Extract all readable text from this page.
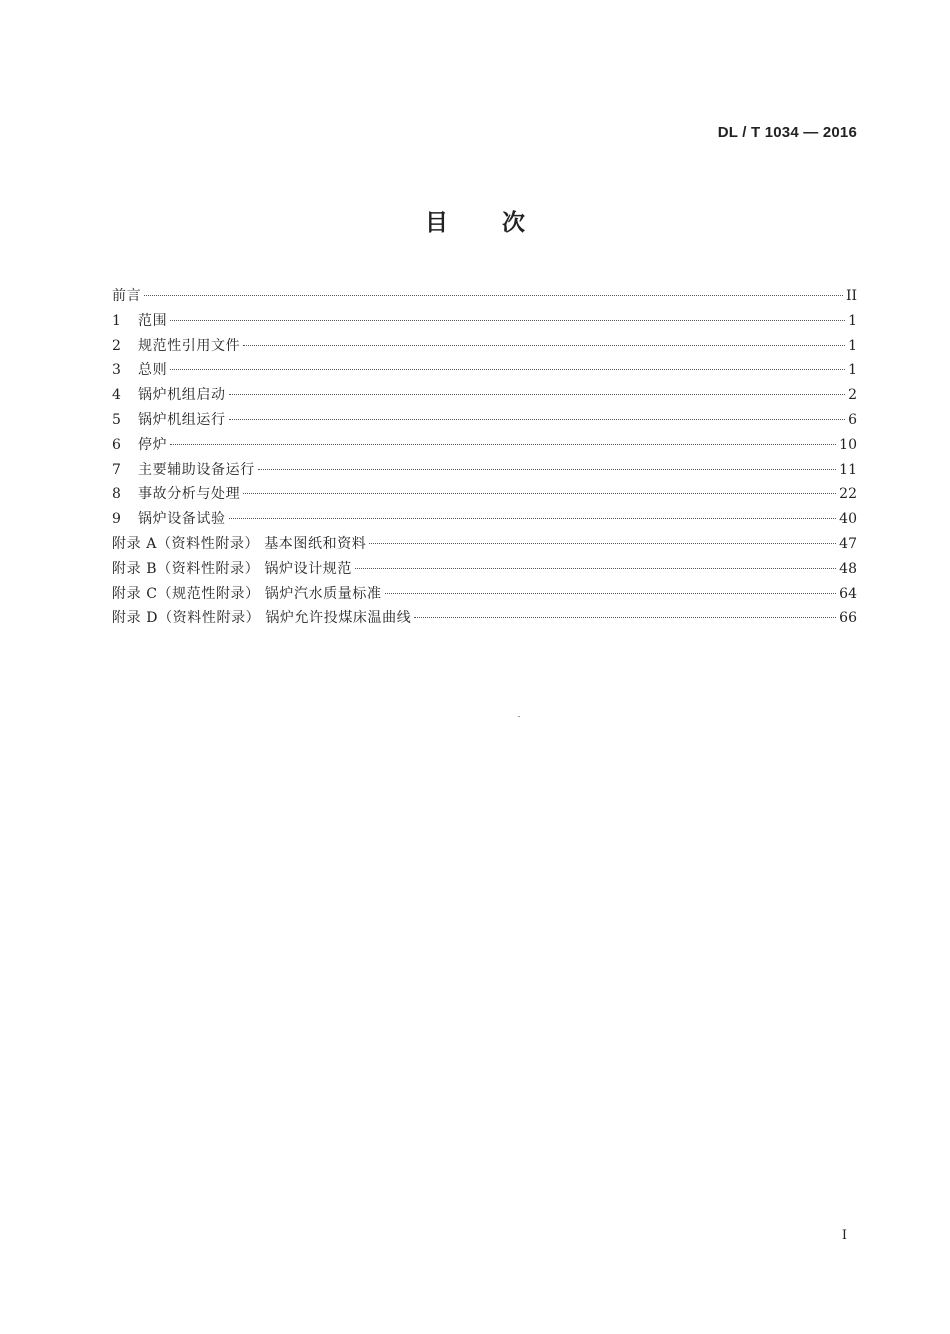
DL / T 1034 — 2016
目 次
前言	II
1	范围	1
2	规范性引用文件	1
3	总则	1
4	锅炉机组启动	2
5	锅炉机组运行	6
6	停炉	10
7	主要辅助设备运行	11
8	事故分析与处理	22
9	锅炉设备试验	40
附录 A（资料性附录） 基本图纸和资料	47
附录 B（资料性附录） 锅炉设计规范	48
附录 C（规范性附录） 锅炉汽水质量标准	64
附录 D（资料性附录） 锅炉允许投煤床温曲线	66
I
